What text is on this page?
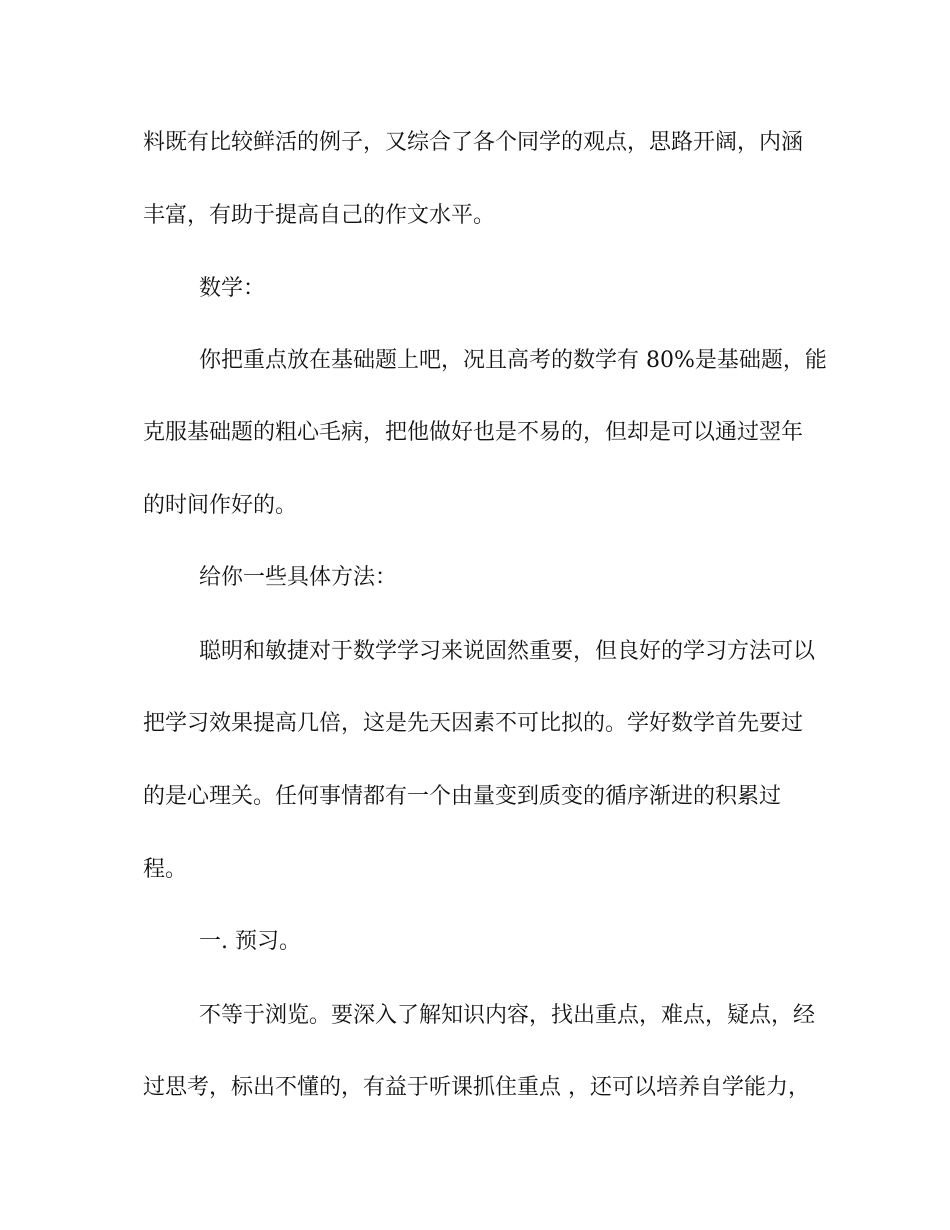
料既有比较鲜活的例子，又综合了各个同学的观点，思路开阔，内涵
丰富，有助于提高自己的作文水平。
数学：
你把重点放在基础题上吧，况且高考的数学有 80%是基础题，能
克服基础题的粗心毛病，把他做好也是不易的，但却是可以通过翌年
的时间作好的。
给你一些具体方法：
聪明和敏捷对于数学学习来说固然重要，但良好的学习方法可以
把学习效果提高几倍，这是先天因素不可比拟的。学好数学首先要过
的是心理关。任何事情都有一个由量变到质变的循序渐进的积累过
程。
一. 预习。
不等于浏览。要深入了解知识内容，找出重点，难点，疑点，经
过思考，标出不懂的，有益于听课抓住重点 ，还可以培养自学能力，
